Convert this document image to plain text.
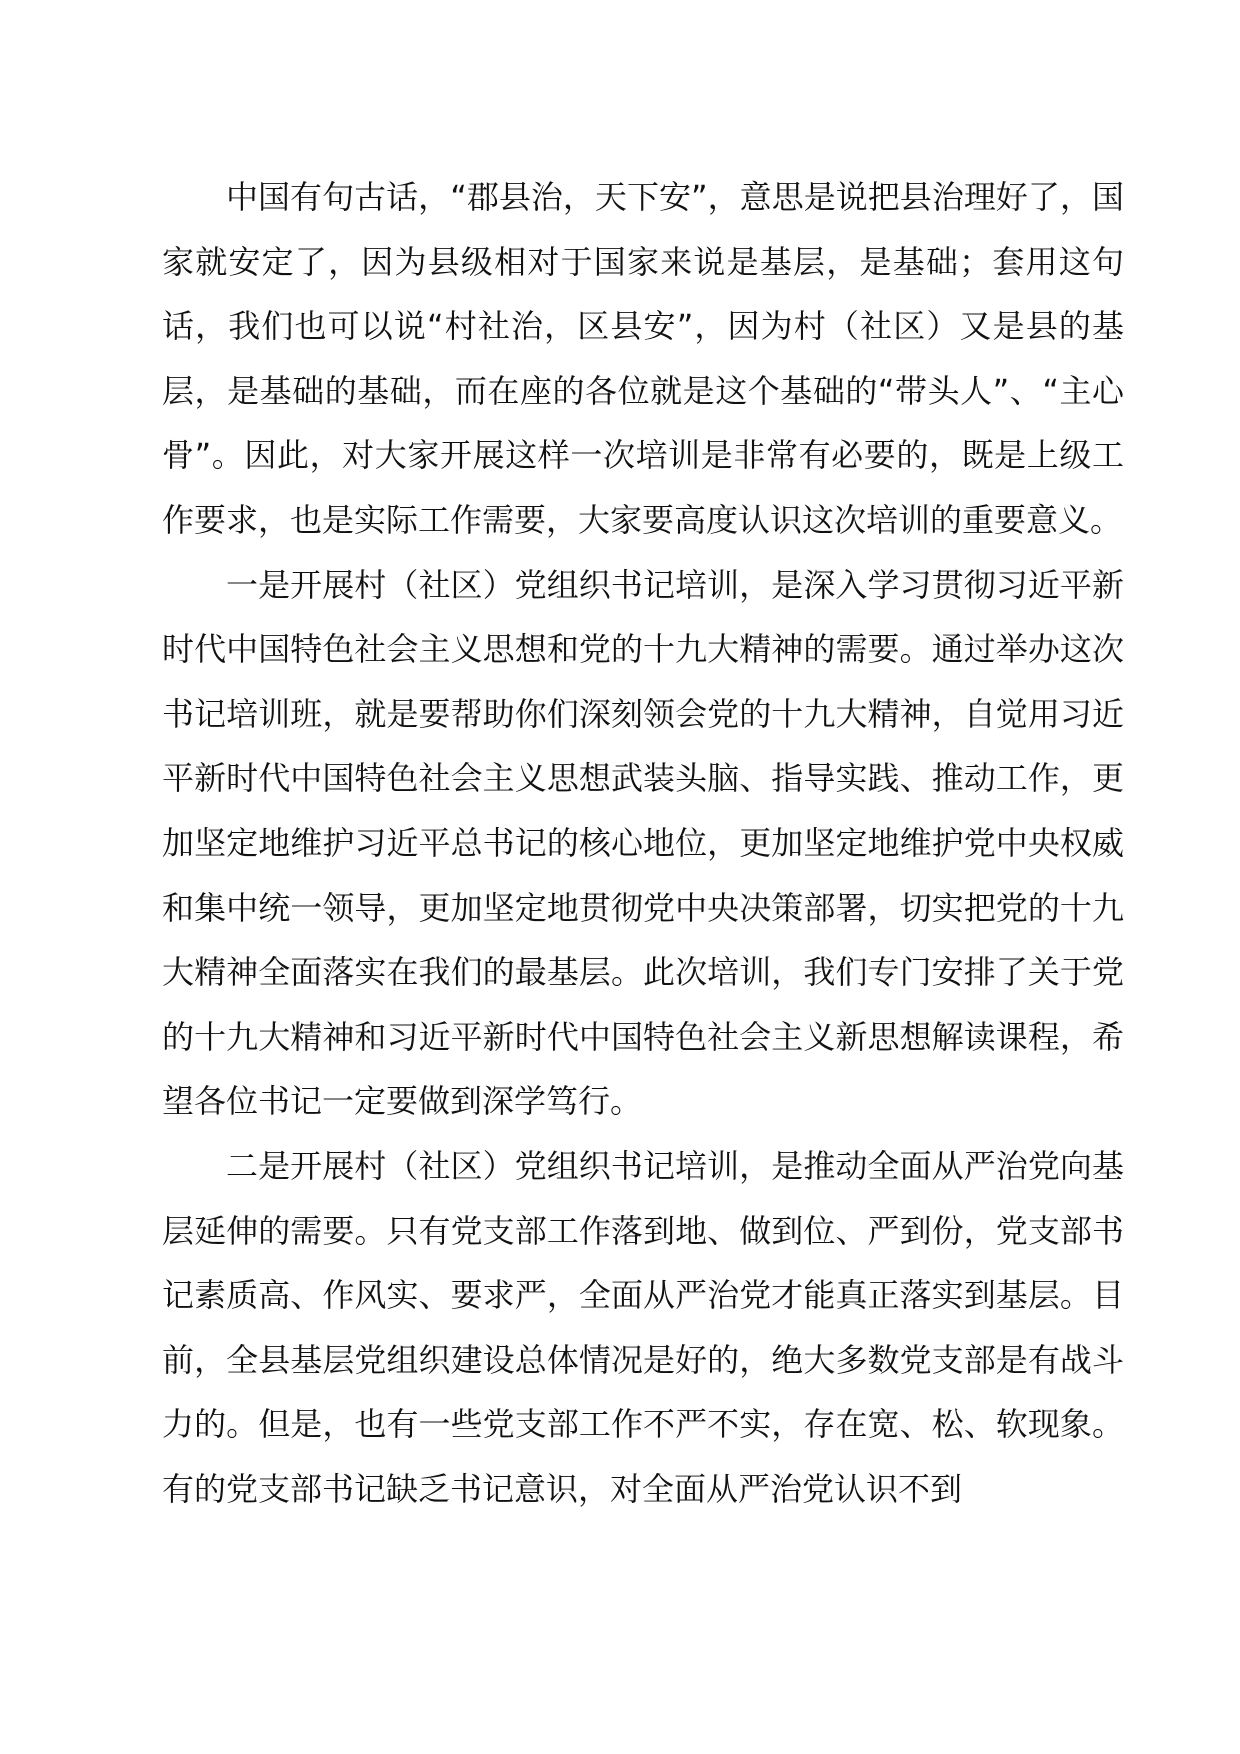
中国有句古话，“郡县治，天下安”，意思是说把县治理好了，国家就安定了，因为县级相对于国家来说是基层，是基础；套用这句话，我们也可以说“村社治，区县安”，因为村（社区）又是县的基层，是基础的基础，而在座的各位就是这个基础的“带头人”、“主心骨”。因此，对大家开展这样一次培训是非常有必要的，既是上级工作要求，也是实际工作需要，大家要高度认识这次培训的重要意义。

一是开展村（社区）党组织书记培训，是深入学习贯彻习近平新时代中国特色社会主义思想和党的十九大精神的需要。通过举办这次书记培训班，就是要帮助你们深刻领会党的十九大精神，自觉用习近平新时代中国特色社会主义思想武装头脑、指导实践、推动工作，更加坚定地维护习近平总书记的核心地位，更加坚定地维护党中央权威和集中统一领导，更加坚定地贯彻党中央决策部署，切实把党的十九大精神全面落实在我们的最基层。此次培训，我们专门安排了关于党的十九大精神和习近平新时代中国特色社会主义新思想解读课程，希望各位书记一定要做到深学笃行。

二是开展村（社区）党组织书记培训，是推动全面从严治党向基层延伸的需要。只有党支部工作落到地、做到位、严到份，党支部书记素质高、作风实、要求严，全面从严治党才能真正落实到基层。目前，全县基层党组织建设总体情况是好的，绝大多数党支部是有战斗力的。但是，也有一些党支部工作不严不实，存在宽、松、软现象。有的党支部书记缺乏书记意识，对全面从严治党认识不到
